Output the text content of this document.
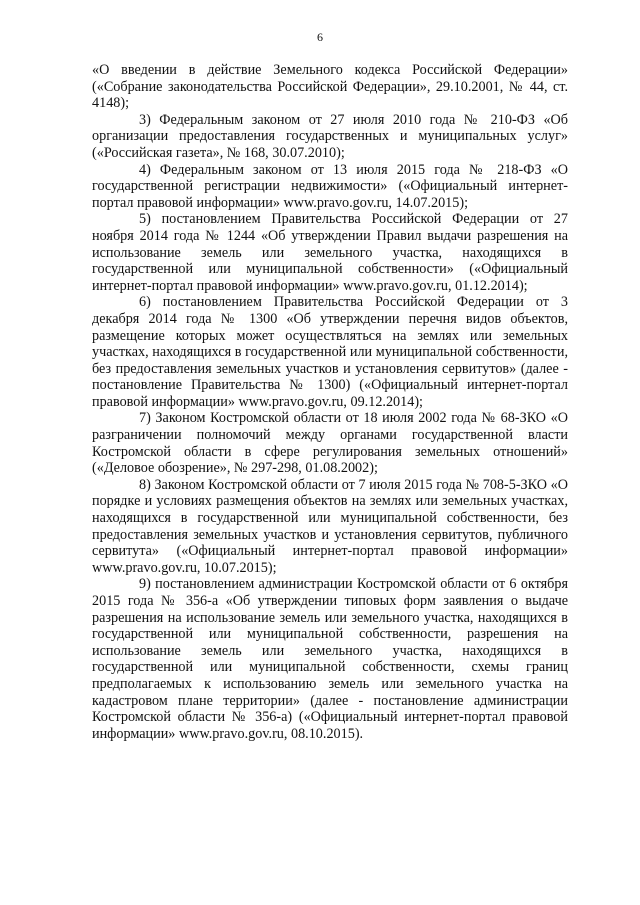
6

«О введении в действие Земельного кодекса Российской Федерации» («Собрание законодательства Российской Федерации», 29.10.2001, № 44, ст. 4148);

3) Федеральным законом от 27 июля 2010 года № 210-ФЗ «Об организации предоставления государственных и муниципальных услуг» («Российская газета», № 168, 30.07.2010);

4) Федеральным законом от 13 июля 2015 года № 218-ФЗ «О государственной регистрации недвижимости» («Официальный интернет-портал правовой информации» www.pravo.gov.ru, 14.07.2015);

5) постановлением Правительства Российской Федерации от 27 ноября 2014 года № 1244 «Об утверждении Правил выдачи разрешения на использование земель или земельного участка, находящихся в государственной или муниципальной собственности» («Официальный интернет-портал правовой информации» www.pravo.gov.ru, 01.12.2014);

6) постановлением Правительства Российской Федерации от 3 декабря 2014 года № 1300 «Об утверждении перечня видов объектов, размещение которых может осуществляться на землях или земельных участках, находящихся в государственной или муниципальной собственности, без предоставления земельных участков и установления сервитутов» (далее - постановление Правительства № 1300) («Официальный интернет-портал правовой информации» www.pravo.gov.ru, 09.12.2014);

7) Законом Костромской области от 18 июля 2002 года № 68-ЗКО «О разграничении полномочий между органами государственной власти Костромской области в сфере регулирования земельных отношений» («Деловое обозрение», № 297-298, 01.08.2002);

8) Законом Костромской области от 7 июля 2015 года № 708-5-ЗКО «О порядке и условиях размещения объектов на землях или земельных участках, находящихся в государственной или муниципальной собственности, без предоставления земельных участков и установления сервитутов, публичного сервитута» («Официальный интернет-портал правовой информации» www.pravo.gov.ru, 10.07.2015);

9) постановлением администрации Костромской области от 6 октября 2015 года № 356-а «Об утверждении типовых форм заявления о выдаче разрешения на использование земель или земельного участка, находящихся в государственной или муниципальной собственности, разрешения на использование земель или земельного участка, находящихся в государственной или муниципальной собственности, схемы границ предполагаемых к использованию земель или земельного участка на кадастровом плане территории» (далее - постановление администрации Костромской области № 356-а) («Официальный интернет-портал правовой информации» www.pravo.gov.ru, 08.10.2015).
